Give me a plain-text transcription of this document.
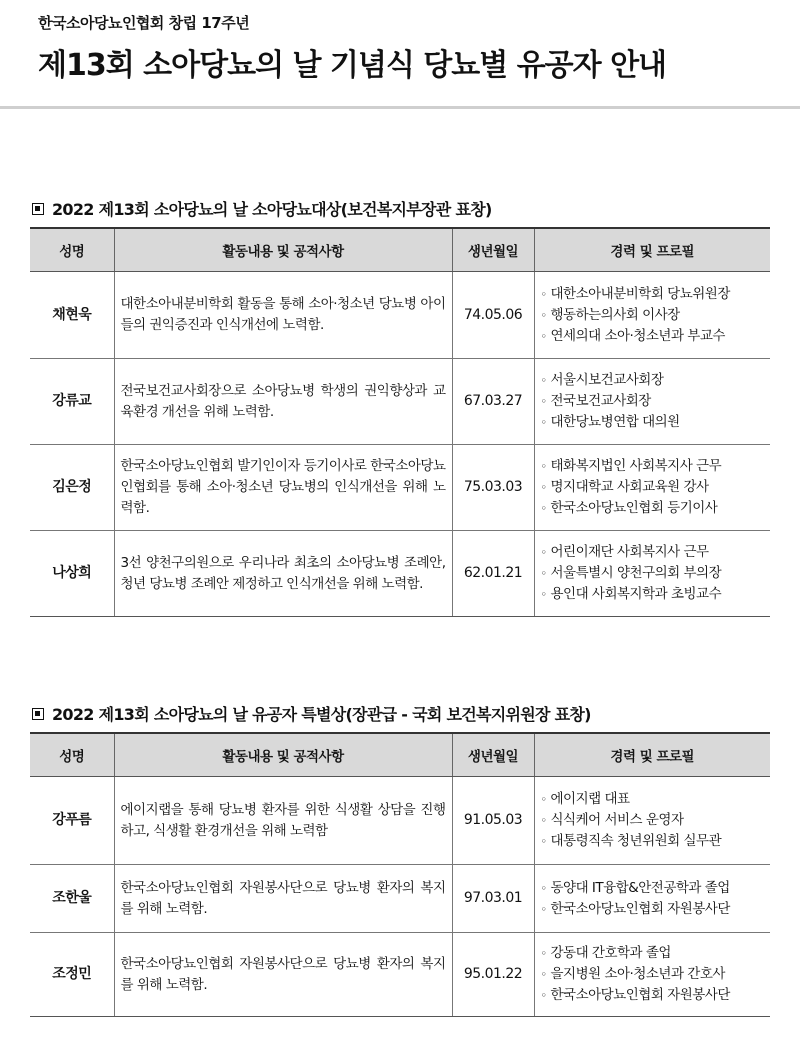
한국소아당뇨인협회 창립 17주년
제13회 소아당뇨의 날 기념식 당뇨별 유공자 안내
2022 제13회 소아당뇨의 날 소아당뇨대상(보건복지부장관 표창)
성명	활동내용 및 공적사항	생년월일	경력 및 프로필
채현욱	대한소아내분비학회 활동을 통해 소아·청소년 당뇨병 아이들의 권익증진과 인식개선에 노력함.	74.05.06	◦ 대한소아내분비학회 당뇨위원장
◦ 행동하는의사회 이사장
◦ 연세의대 소아·청소년과 부교수

강류교	전국보건교사회장으로 소아당뇨병 학생의 권익향상과 교육환경 개선을 위해 노력함.	67.03.27	◦ 서울시보건교사회장
◦ 전국보건교사회장
◦ 대한당뇨병연합 대의원

김은정	한국소아당뇨인협회 발기인이자 등기이사로 한국소아당뇨인협회를 통해 소아·청소년 당뇨병의 인식개선을 위해 노력함.	75.03.03	◦ 태화복지법인 사회복지사 근무
◦ 명지대학교 사회교육원 강사
◦ 한국소아당뇨인협회 등기이사

나상희	3선 양천구의원으로 우리나라 최초의 소아당뇨병 조례안, 청년 당뇨병 조례안 제정하고 인식개선을 위해 노력함.	62.01.21	◦ 어린이재단 사회복지사 근무
◦ 서울특별시 양천구의회 부의장
◦ 용인대 사회복지학과 초빙교수
2022 제13회 소아당뇨의 날 유공자 특별상(장관급 - 국회 보건복지위원장 표창)
성명	활동내용 및 공적사항	생년월일	경력 및 프로필
강푸름	에이지랩을 통해 당뇨병 환자를 위한 식생활 상담을 진행하고, 식생활 환경개선을 위해 노력함	91.05.03	◦ 에이지랩 대표
◦ 식식케어 서비스 운영자
◦ 대통령직속 청년위원회 실무관

조한울	한국소아당뇨인협회 자원봉사단으로 당뇨병 환자의 복지를 위해 노력함.	97.03.01	◦ 동양대 IT융합&안전공학과 졸업
◦ 한국소아당뇨인협회 자원봉사단

조정민	한국소아당뇨인협회 자원봉사단으로 당뇨병 환자의 복지를 위해 노력함.	95.01.22	◦ 강동대 간호학과 졸업
◦ 을지병원 소아·청소년과 간호사
◦ 한국소아당뇨인협회 자원봉사단
